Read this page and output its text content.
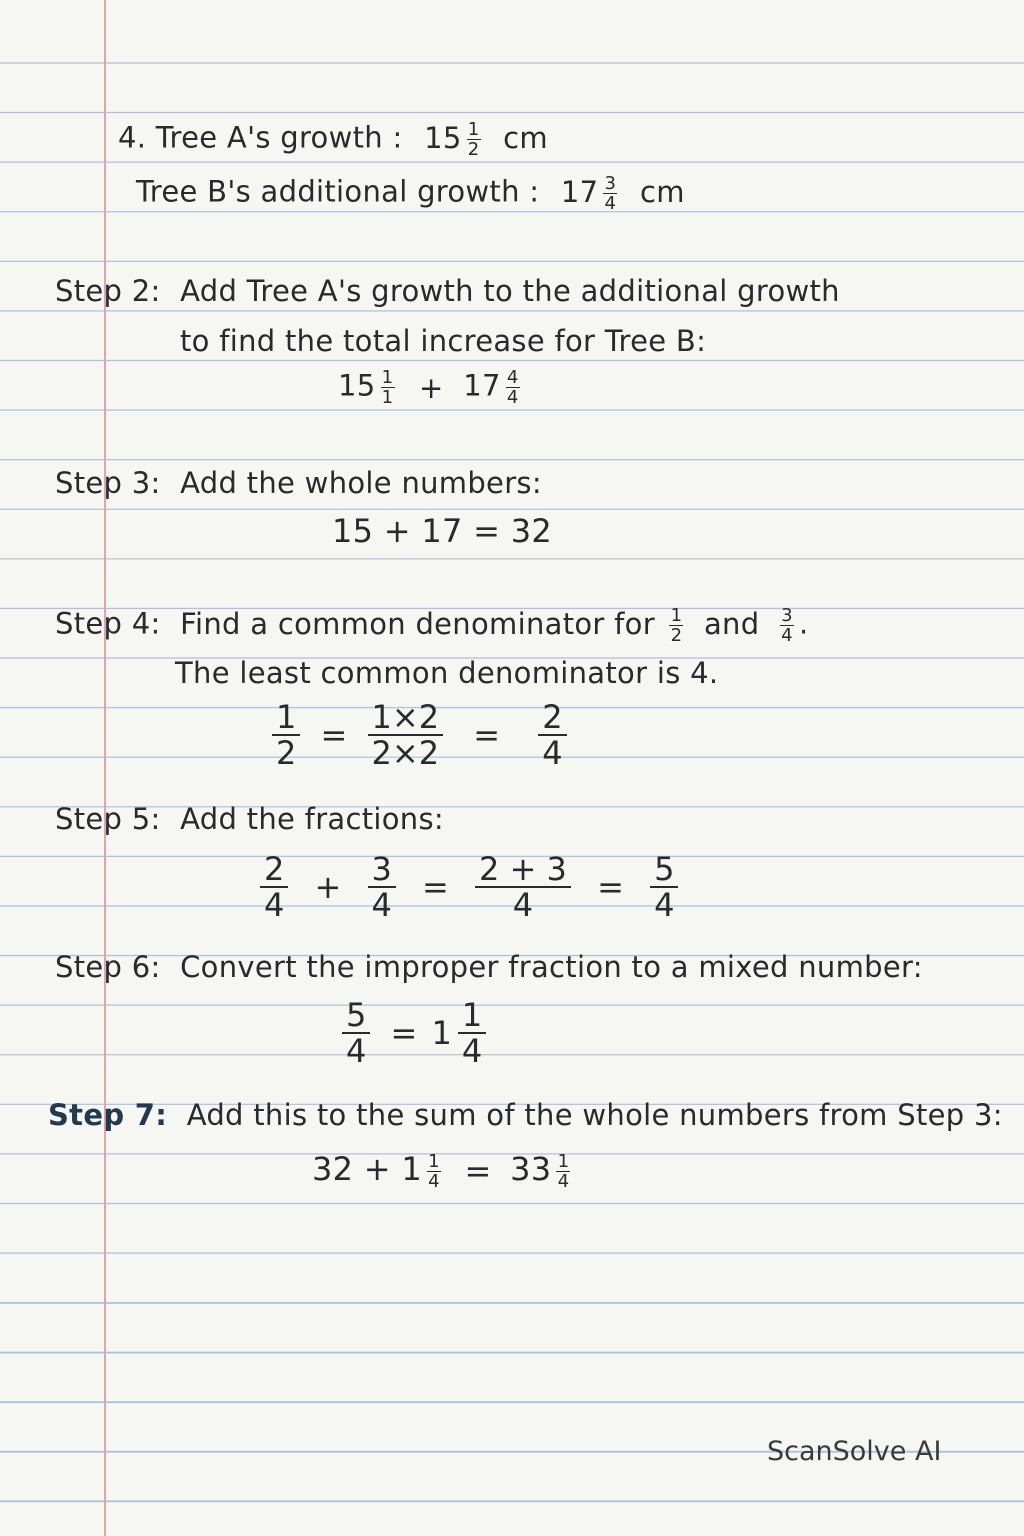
4. Tree A's growth : $15 \frac{1}{2}$ cm
Tree B's additional growth : $17 \frac{3}{4}$ cm
Step 2: Add Tree A's growth to the additional growth
to find the total increase for Tree B:
$15 \frac{1}{1} + 17 \frac{4}{4}$
Step 3: Add the whole numbers:
15 + 17 = 32
Step 4: Find a common denominator for $\frac{1}{2}$ and $\frac{3}{4}$ .
The least common denominator is 4.
$\frac{1}{2} = \frac{1\times 2}{2\times 2} = \frac{2}{4}$
Step 5: Add the fractions:
$\frac{2}{4} + \frac{3}{4} = \frac{2 + 3}{4} = \frac{5}{4}$
Step 6: Convert the improper fraction to a mixed number:
$\frac{5}{4} = 1 \frac{1}{4}$
Step 7: Add this to the sum of the whole numbers from Step 3:
$32 + 1 \frac{1}{4} = 33 \frac{1}{4}$
ScanSolve AI
